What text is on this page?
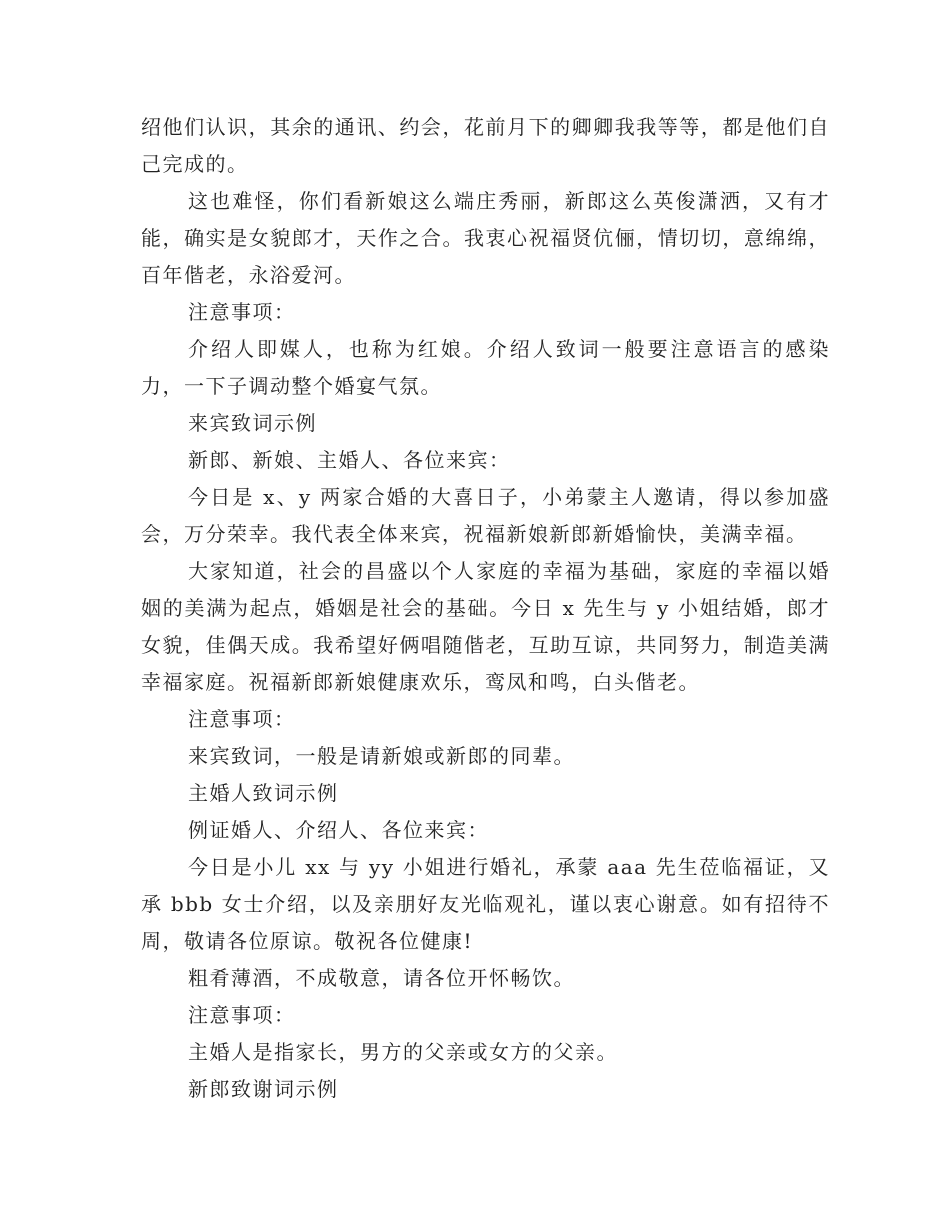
绍他们认识，其余的通讯、约会，花前月下的卿卿我我等等，都是他们自己完成的。

这也难怪，你们看新娘这么端庄秀丽，新郎这么英俊潇洒，又有才能，确实是女貌郎才，天作之合。我衷心祝福贤伉俪，情切切，意绵绵，百年偕老，永浴爱河。

注意事项：

介绍人即媒人，也称为红娘。介绍人致词一般要注意语言的感染力，一下子调动整个婚宴气氛。

来宾致词示例

新郎、新娘、主婚人、各位来宾：

今日是 x、y 两家合婚的大喜日子，小弟蒙主人邀请，得以参加盛会，万分荣幸。我代表全体来宾，祝福新娘新郎新婚愉快，美满幸福。

大家知道，社会的昌盛以个人家庭的幸福为基础，家庭的幸福以婚姻的美满为起点，婚姻是社会的基础。今日 x 先生与 y 小姐结婚，郎才女貌，佳偶天成。我希望好俩唱随偕老，互助互谅，共同努力，制造美满幸福家庭。祝福新郎新娘健康欢乐，鸾凤和鸣，白头偕老。

注意事项：

来宾致词，一般是请新娘或新郎的同辈。

主婚人致词示例

例证婚人、介绍人、各位来宾：

今日是小儿 xx 与 yy 小姐进行婚礼，承蒙 aaa 先生莅临福证，又承 bbb 女士介绍，以及亲朋好友光临观礼，谨以衷心谢意。如有招待不周，敬请各位原谅。敬祝各位健康!

粗肴薄酒，不成敬意，请各位开怀畅饮。

注意事项：

主婚人是指家长，男方的父亲或女方的父亲。

新郎致谢词示例
